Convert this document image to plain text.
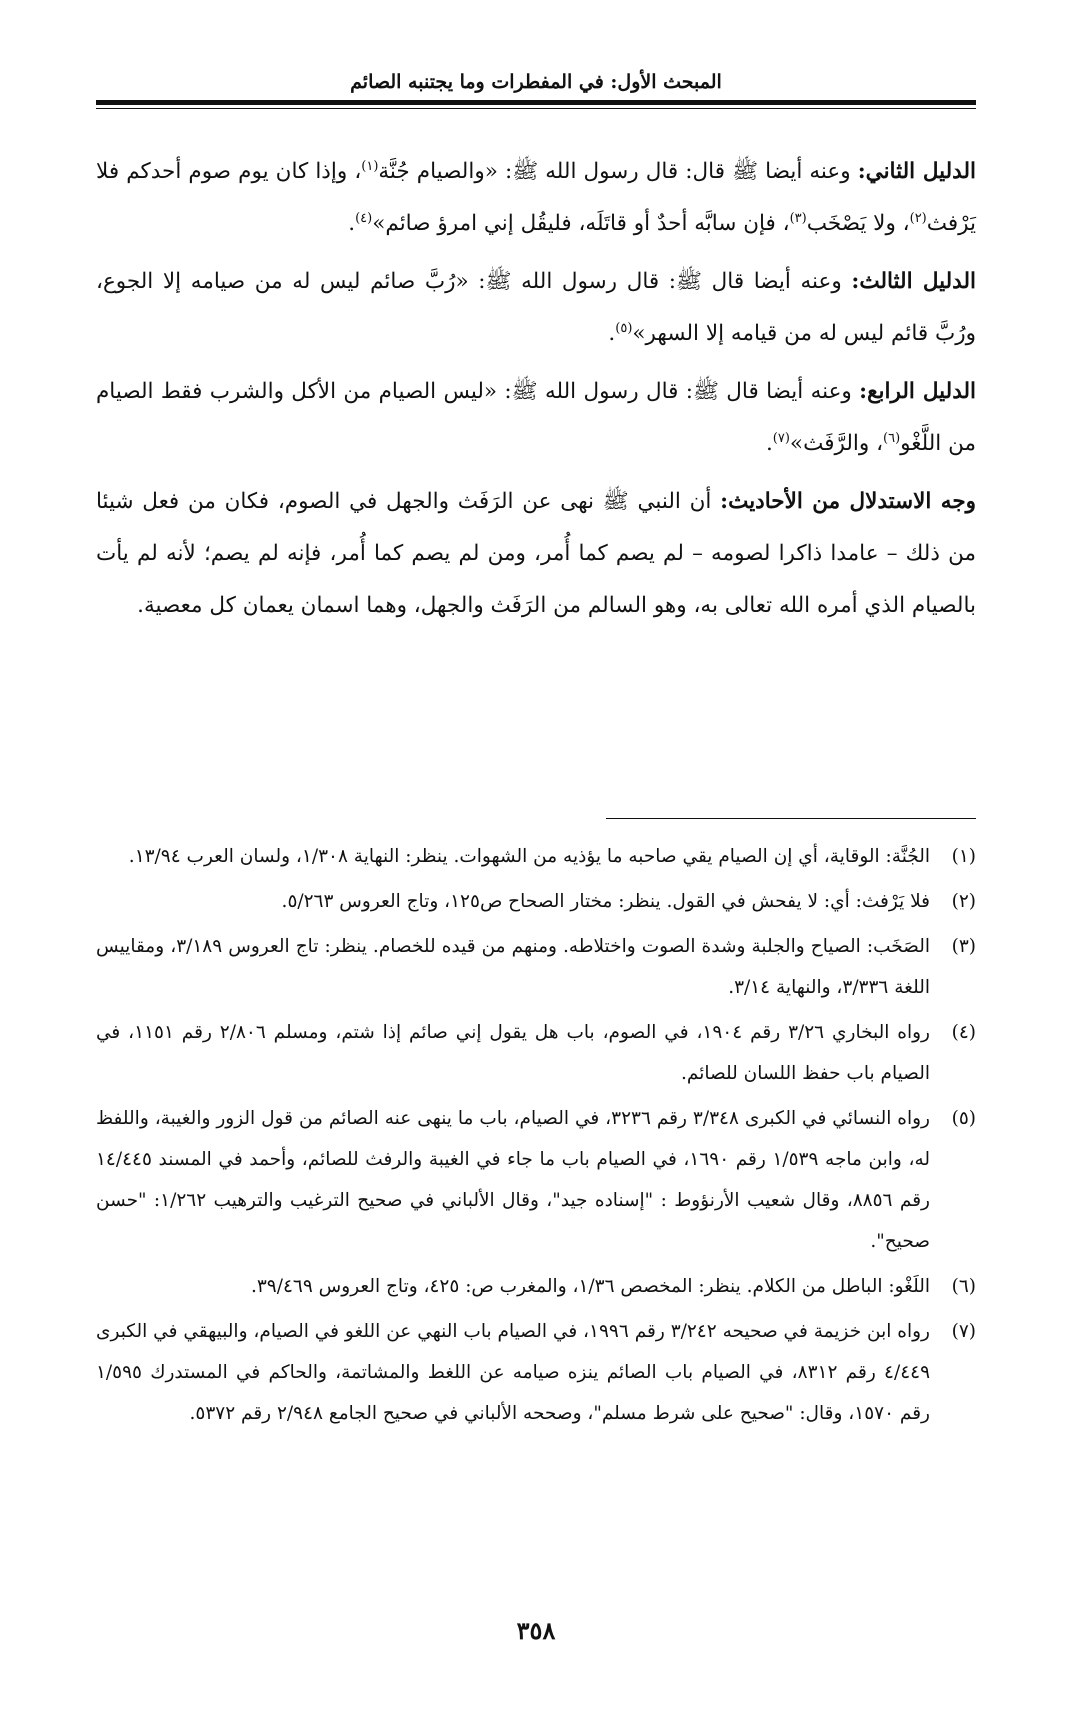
المبحث الأول: في المفطرات وما يجتنبه الصائم

الدليل الثاني: وعنه أيضا ﷺ قال: قال رسول الله ﷺ: «والصيام جُنَّة$^{(١)}$، وإذا كان يوم صوم أحدكم فلا يَرْفث$^{(٢)}$، ولا يَصْخَب$^{(٣)}$، فإن سابَّه أحدٌ أو قاتَلَه، فليقُل إني امرؤ صائم»$^{(٤)}$.

الدليل الثالث: وعنه أيضا قال ﷺ: قال رسول الله ﷺ: «رُبَّ صائم ليس له من صيامه إلا الجوع، ورُبَّ قائم ليس له من قيامه إلا السهر»$^{(٥)}$.

الدليل الرابع: وعنه أيضا قال ﷺ: قال رسول الله ﷺ: «ليس الصيام من الأكل والشرب فقط الصيام من اللَّغْو$^{(٦)}$، والرَّفَث»$^{(٧)}$.

وجه الاستدلال من الأحاديث: أن النبي ﷺ نهى عن الرَفَث والجهل في الصوم، فكان من فعل شيئا من ذلك – عامدا ذاكرا لصومه – لم يصم كما أُمر، ومن لم يصم كما أُمر، فإنه لم يصم؛ لأنه لم يأت بالصيام الذي أمره الله تعالى به، وهو السالم من الرَفَث والجهل، وهما اسمان يعمان كل معصية.

(١)الجُنَّة: الوقاية، أي إن الصيام يقي صاحبه ما يؤذيه من الشهوات. ينظر: النهاية ١/٣٠٨، ولسان العرب ١٣/٩٤.
(٢)فلا يَرْفث: أي: لا يفحش في القول. ينظر: مختار الصحاح ص١٢٥، وتاج العروس ٥/٢٦٣.
(٣)الصَخَب: الصياح والجلبة وشدة الصوت واختلاطه. ومنهم من قيده للخصام. ينظر: تاج العروس ٣/١٨٩، ومقاييس اللغة ٣/٣٣٦، والنهاية ٣/١٤.
(٤)رواه البخاري ٣/٢٦ رقم ١٩٠٤، في الصوم، باب هل يقول إني صائم إذا شتم، ومسلم ٢/٨٠٦ رقم ١١٥١، في الصيام باب حفظ اللسان للصائم.
(٥)رواه النسائي في الكبرى ٣/٣٤٨ رقم ٣٢٣٦، في الصيام، باب ما ينهى عنه الصائم من قول الزور والغيبة، واللفظ له، وابن ماجه ١/٥٣٩ رقم ١٦٩٠، في الصيام باب ما جاء في الغيبة والرفث للصائم، وأحمد في المسند ١٤/٤٤٥ رقم ٨٨٥٦، وقال شعيب الأرنؤوط : "إسناده جيد"، وقال الألباني في صحيح الترغيب والترهيب ١/٢٦٢: "حسن صحيح".
(٦)اللَغْو: الباطل من الكلام. ينظر: المخصص ١/٣٦، والمغرب ص: ٤٢٥، وتاج العروس ٣٩/٤٦٩.
(٧)رواه ابن خزيمة في صحيحه ٣/٢٤٢ رقم ١٩٩٦، في الصيام باب النهي عن اللغو في الصيام، والبيهقي في الكبرى ٤/٤٤٩ رقم ٨٣١٢، في الصيام باب الصائم ينزه صيامه عن اللغط والمشاتمة، والحاكم في المستدرك ١/٥٩٥ رقم ١٥٧٠، وقال: "صحيح على شرط مسلم"، وصححه الألباني في صحيح الجامع ٢/٩٤٨ رقم ٥٣٧٢.
٣٥٨
